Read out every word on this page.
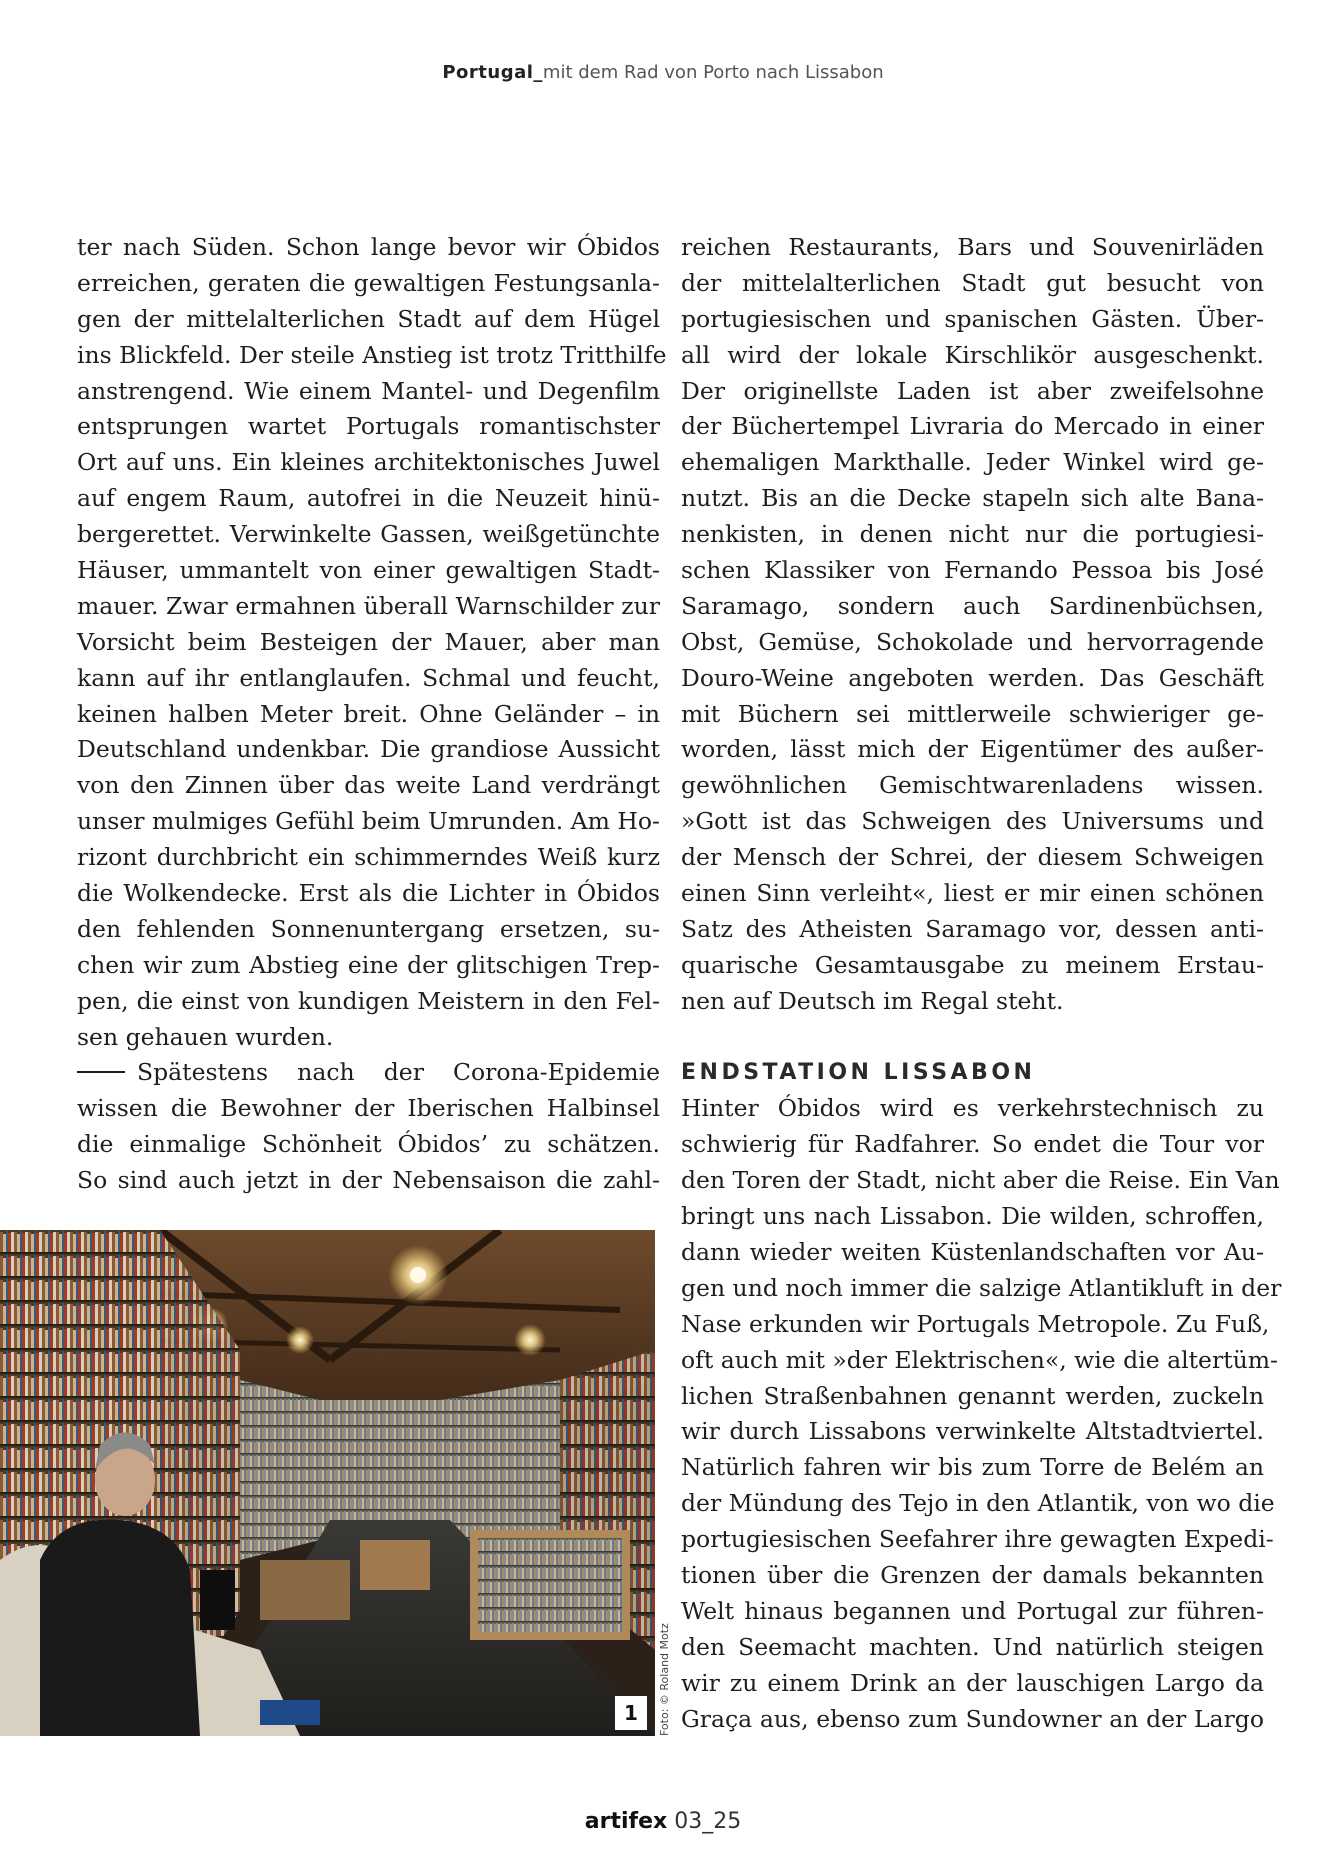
Portugal_mit dem Rad von Porto nach Lissabon
ter nach Süden. Schon lange bevor wir Óbidos
erreichen, geraten die gewaltigen Festungsanla-
gen der mittelalterlichen Stadt auf dem Hügel
ins Blickfeld. Der steile Anstieg ist trotz Tritthilfe
anstrengend. Wie einem Mantel- und Degenfilm
entsprungen wartet Portugals romantischster
Ort auf uns. Ein kleines architektonisches Juwel
auf engem Raum, autofrei in die Neuzeit hinü-
bergerettet. Verwinkelte Gassen, weißgetünchte
Häuser, ummantelt von einer gewaltigen Stadt-
mauer. Zwar ermahnen überall Warnschilder zur
Vorsicht beim Besteigen der Mauer, aber man
kann auf ihr entlanglaufen. Schmal und feucht,
keinen halben Meter breit. Ohne Geländer – in
Deutschland undenkbar. Die grandiose Aussicht
von den Zinnen über das weite Land verdrängt
unser mulmiges Gefühl beim Umrunden. Am Ho-
rizont durchbricht ein schimmerndes Weiß kurz
die Wolkendecke. Erst als die Lichter in Óbidos
den fehlenden Sonnenuntergang ersetzen, su-
chen wir zum Abstieg eine der glitschigen Trep-
pen, die einst von kundigen Meistern in den Fel-
sen gehauen wurden.
Spätestens nach der Corona-Epidemie
wissen die Bewohner der Iberischen Halbinsel
die einmalige Schönheit Óbidos’ zu schätzen.
So sind auch jetzt in der Nebensaison die zahl-
reichen Restaurants, Bars und Souvenirläden
der mittelalterlichen Stadt gut besucht von
portugiesischen und spanischen Gästen. Über-
all wird der lokale Kirschlikör ausgeschenkt.
Der originellste Laden ist aber zweifelsohne
der Büchertempel Livraria do Mercado in einer
ehemaligen Markthalle. Jeder Winkel wird ge-
nutzt. Bis an die Decke stapeln sich alte Bana-
nenkisten, in denen nicht nur die portugiesi-
schen Klassiker von Fernando Pessoa bis José
Saramago, sondern auch Sardinenbüchsen,
Obst, Gemüse, Schokolade und hervorragende
Douro-Weine angeboten werden. Das Geschäft
mit Büchern sei mittlerweile schwieriger ge-
worden, lässt mich der Eigentümer des außer-
gewöhnlichen Gemischtwarenladens wissen.
»Gott ist das Schweigen des Universums und
der Mensch der Schrei, der diesem Schweigen
einen Sinn verleiht«, liest er mir einen schönen
Satz des Atheisten Saramago vor, dessen anti-
quarische Gesamtausgabe zu meinem Erstau-
nen auf Deutsch im Regal steht.
ENDSTATION LISSABON
Hinter Óbidos wird es verkehrstechnisch zu
schwierig für Radfahrer. So endet die Tour vor
den Toren der Stadt, nicht aber die Reise. Ein Van
bringt uns nach Lissabon. Die wilden, schroffen,
dann wieder weiten Küstenlandschaften vor Au-
gen und noch immer die salzige Atlantikluft in der
Nase erkunden wir Portugals Metropole. Zu Fuß,
oft auch mit »der Elektrischen«, wie die altertüm-
lichen Straßenbahnen genannt werden, zuckeln
wir durch Lissabons verwinkelte Altstadtviertel.
Natürlich fahren wir bis zum Torre de Belém an
der Mündung des Tejo in den Atlantik, von wo die
portugiesischen Seefahrer ihre gewagten Expedi-
tionen über die Grenzen der damals bekannten
Welt hinaus begannen und Portugal zur führen-
den Seemacht machten. Und natürlich steigen
wir zu einem Drink an der lauschigen Largo da
Graça aus, ebenso zum Sundowner an der Largo
1	Foto: © Roland Motz
artifex 03_25
